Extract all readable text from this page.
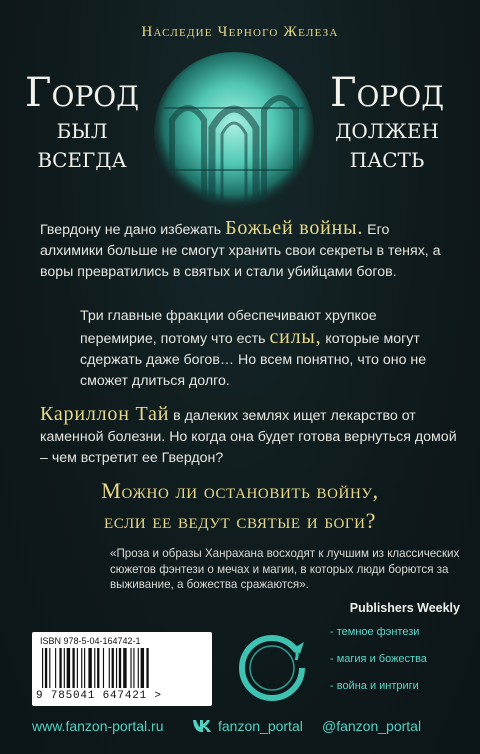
Наследие Черного Железа
Город
был
всегда
Город
должен
пасть
Гвердону не дано избежать Божьей войны. Его алхимики больше не смогут хранить свои секреты в тенях, а воры превратились в святых и стали убийцами богов.
Три главные фракции обеспечивают хрупкое перемирие, потому что есть силы, которые могут сдержать даже богов… Но всем понятно, что оно не сможет длиться долго.
Кариллон Тай в далеких землях ищет лекарство от каменной болезни. Но когда она будет готова вернуться домой – чем встретит ее Гвердон?
Можно ли остановить войну,
если ее ведут святые и боги?
«Проза и образы Ханрахана восходят к лучшим из классических сюжетов фэнтези о мечах и магии, в которых люди борются за выживание, а божества сражаются».
Publishers Weekly
ISBN 978-5-04-164742-1
9 785041 647421 >
- темное фэнтези
- магия и божества
- война и интриги
www.fanzon-portal.ru	fanzon_portal @fanzon_portal
